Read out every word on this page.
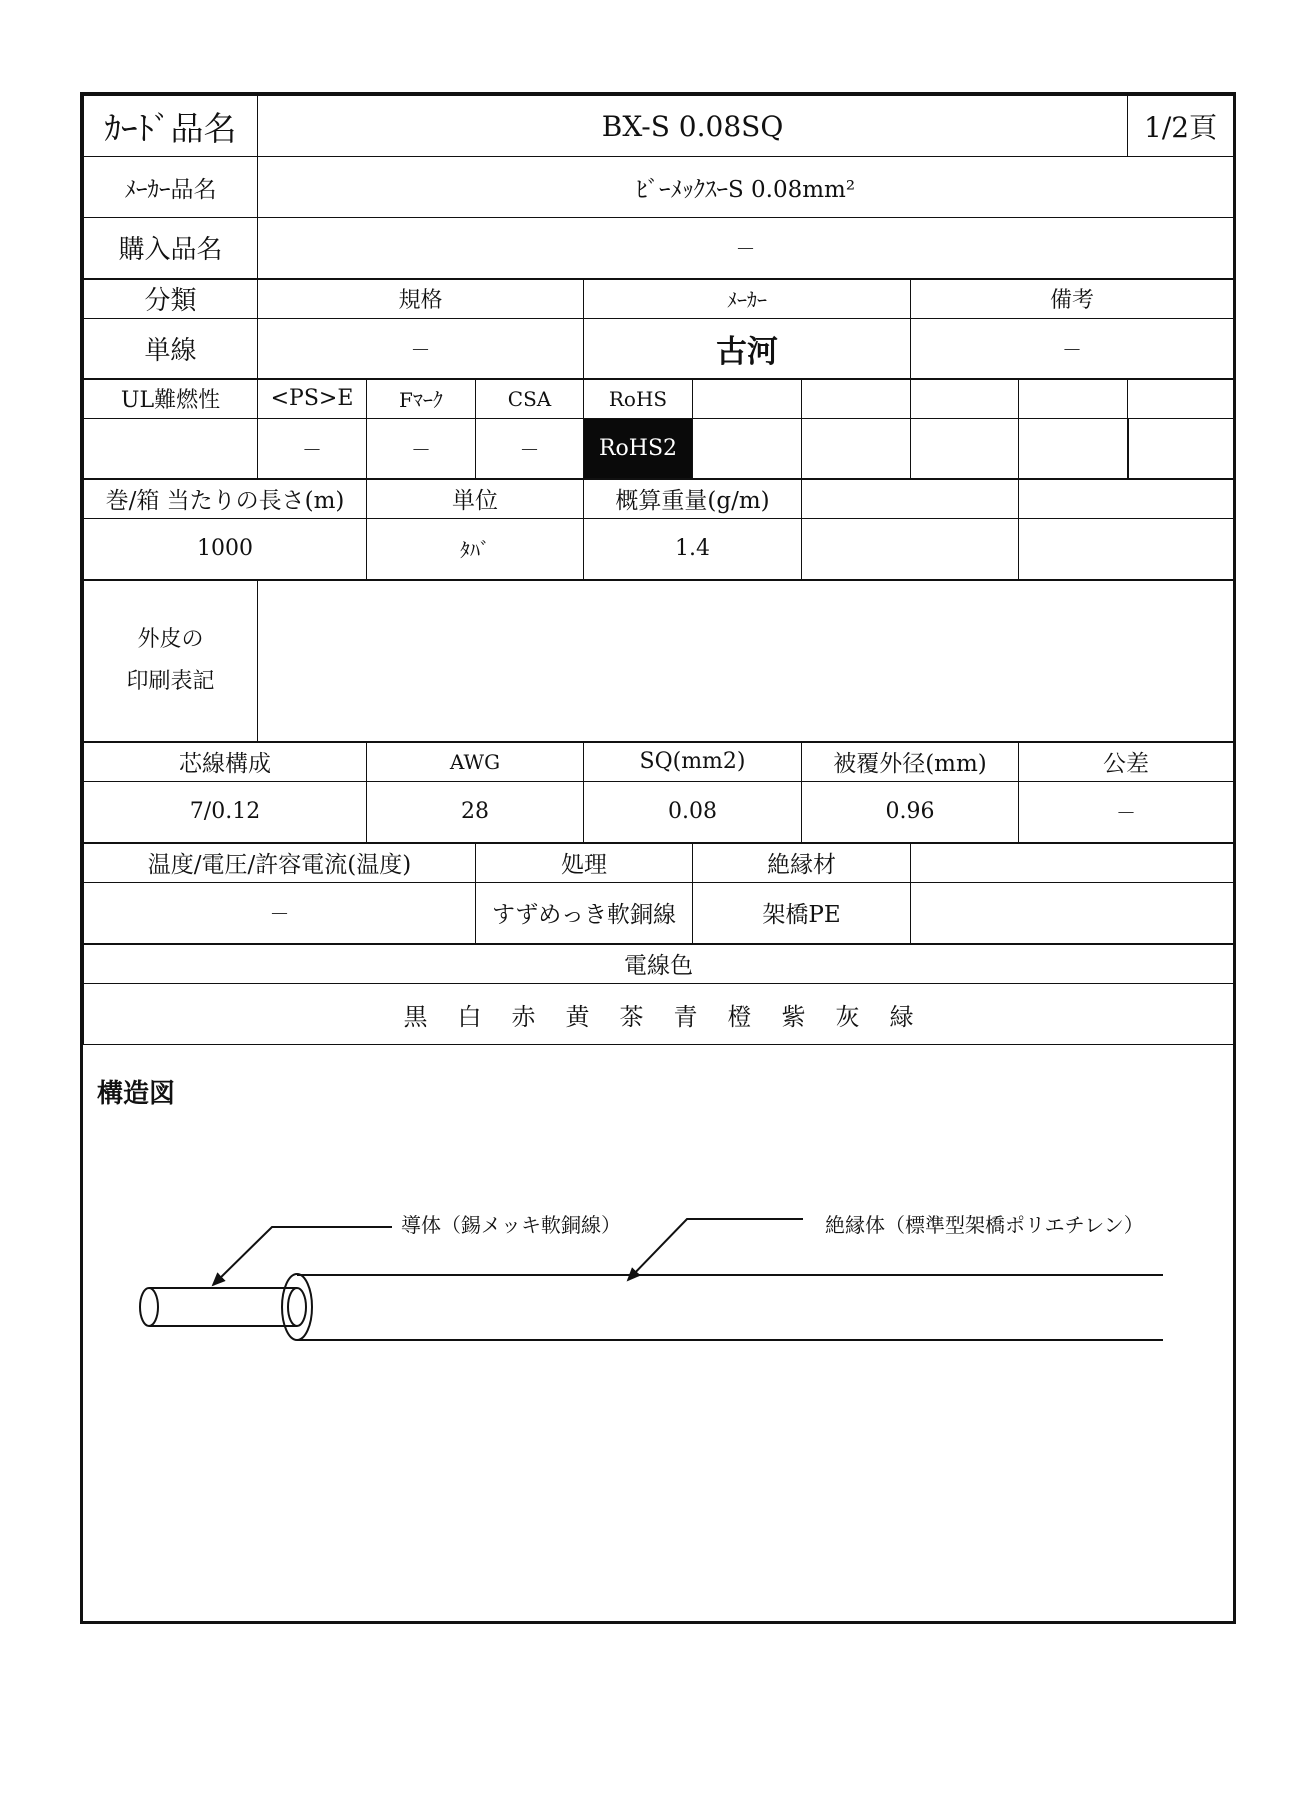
ｶｰﾄﾞ品名	BX-S 0.08SQ								1/2頁
ﾒｰｶｰ品名	ﾋﾞｰﾒｯｸｽｰS 0.08mm²								
購入品名	－								
分類	規格			ﾒｰｶｰ			備考		
単線	－			古河			－		
UL難燃性	<PS>E	Fﾏｰｸ	CSA	RoHS					
	－	－	－	RoHS2					
巻/箱 当たりの長さ(m)		単位		概算重量(g/m)					
1000		ﾀﾊﾞ		1.4					
外皮の
印刷表記									
芯線構成		AWG		SQ(mm2)		被覆外径(mm)		公差	
7/0.12		28		0.08		0.96		－	
温度/電圧/許容電流(温度)			処理		絶縁材				
－			すずめっき軟銅線		架橋PE				
電線色									
黒 白 赤 黄 茶 青 橙 紫 灰 緑									
構造図
導体（錫メッキ軟銅線）	絶縁体（標準型架橋ポリエチレン）
